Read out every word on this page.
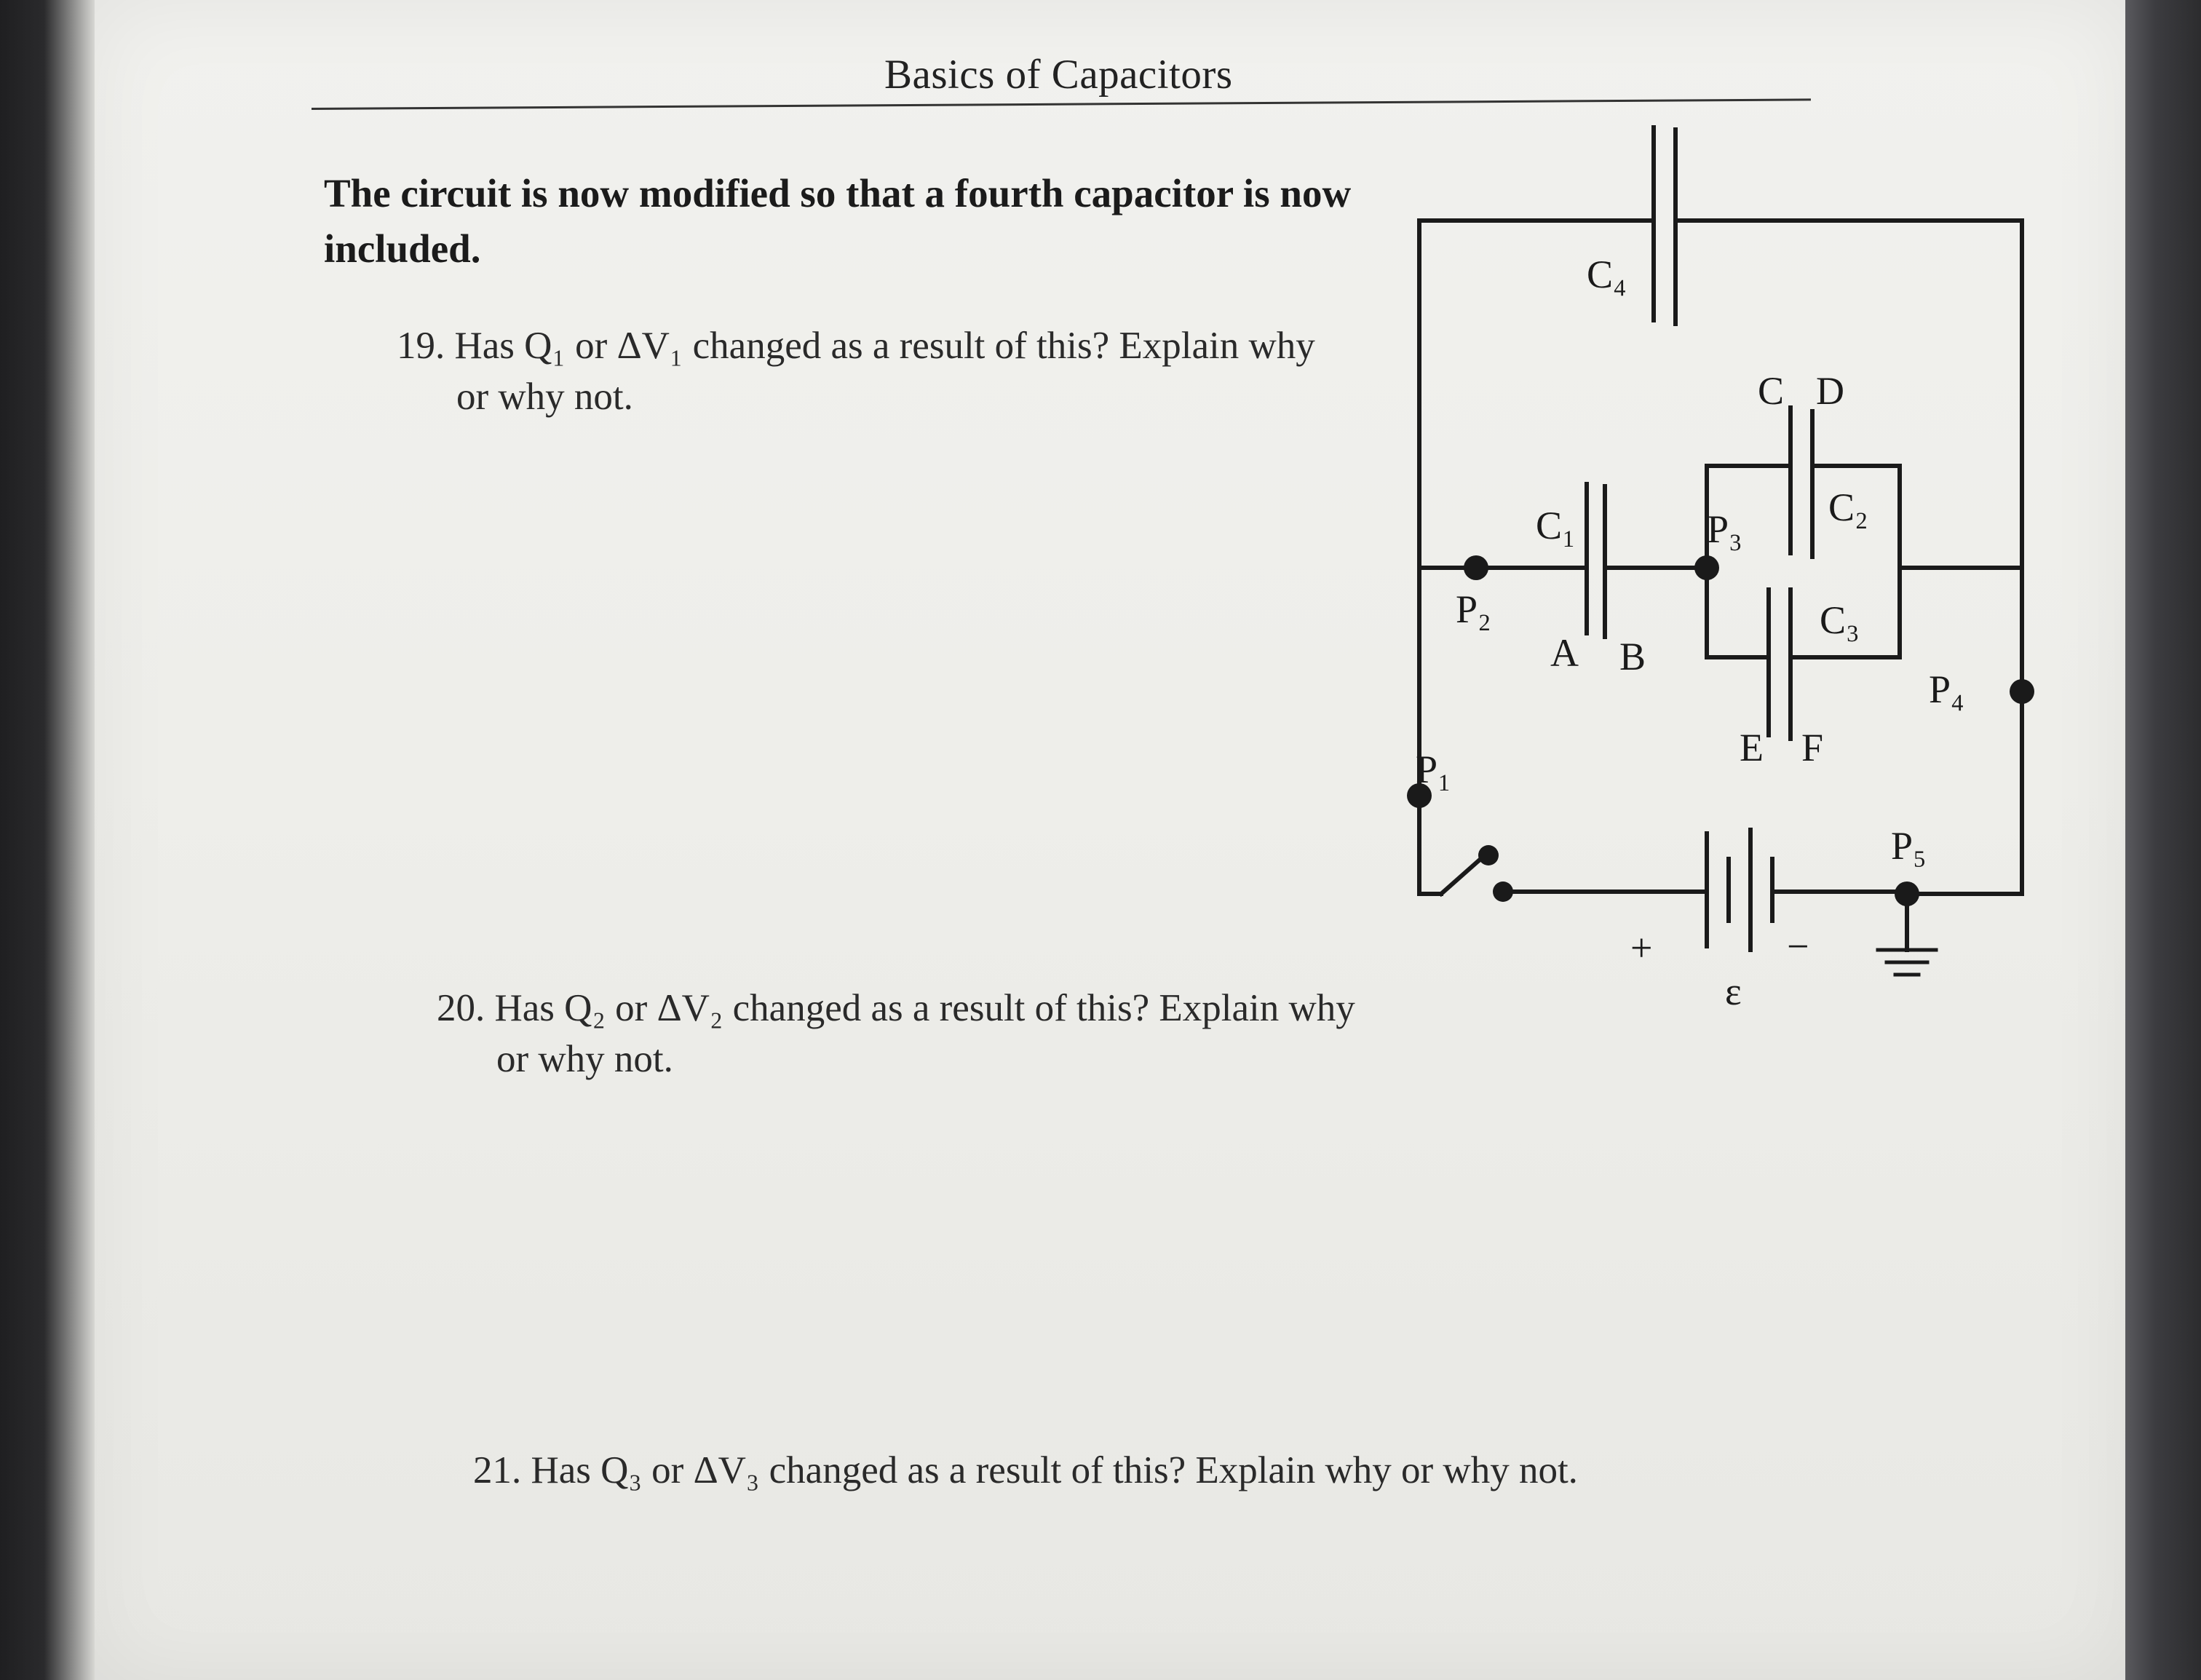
Basics of Capacitors
The circuit is now modified so that a fourth capacitor is now included.
19. Has Q₁ or ΔV₁ changed as a result of this? Explain why
or why not.
20. Has Q₂ or ΔV₂ changed as a result of this? Explain why
or why not.
21. Has Q₃ or ΔV₃ changed as a result of this? Explain why or why not.
C₄
C D
C₁	C₂
C₃
A B
E F
P₂
P₃
P₁
P₄
P₅
+	−
ε
